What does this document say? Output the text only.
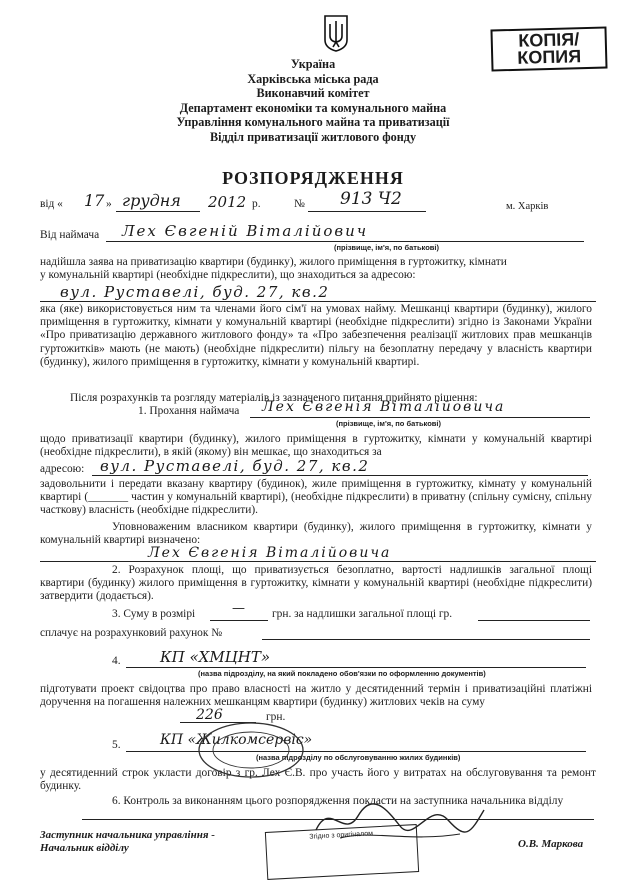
КОПІЯ/
КОПИЯ
Україна
Харківська міська рада
Виконавчий комітет
Департамент економіки та комунального майна
Управління комунального майна та приватизації
Відділ приватизації житлового фонду
РОЗПОРЯДЖЕННЯ
від « 17 » грудня 2012 р.	№ 913 Ч2	м. Харків
Від наймача Лех Євгеній Віталійович
(прізвище, ім'я, по батькові)
надійшла заява на приватизацію квартири (будинку), жилого приміщення в гуртожитку, кімнати
у комунальній квартирі (необхідне підкреслити), що знаходиться за адресою:
вул. Руставелі, буд. 27, кв.2
яка (яке) використовується ним та членами його сім'ї на умовах найму. Мешканці квартири (будинку), жилого приміщення в гуртожитку, кімнати у комунальній квартирі (необхідне підкреслити) згідно із Законами України «Про приватизацію державного житлового фонду» та «Про забезпечення реалізації житлових прав мешканців гуртожитків» мають (не мають) (необхідне підкреслити) пільгу на безоплатну передачу у власність квартири (будинку), жилого приміщення в гуртожитку, кімнати у комунальній квартирі.
Після розрахунків та розгляду матеріалів із зазначеного питання прийнято рішення:
1. Прохання наймача Лех Євгенія Віталійовича
(прізвище, ім'я, по батькові)
щодо приватизації квартири (будинку), жилого приміщення в гуртожитку, кімнати у комунальній квартирі (необхідне підкреслити), в якій (якому) він мешкає, що знаходиться за
адресою: вул. Руставелі, буд. 27, кв.2
задовольнити і передати вказану квартиру (будинок), жиле приміщення в гуртожитку, кімнату у комунальній квартирі (_______ частин у комунальній квартирі), (необхідне підкреслити) в приватну (спільну сумісну, спільну часткову) власність (необхідне підкреслити).
Уповноваженим власником квартири (будинку), жилого приміщення в гуртожитку, кімнати у комунальній квартирі визначено:
Лех Євгенія Віталійовича
2. Розрахунок площі, що приватизується безоплатно, вартості надлишків загальної площі квартири (будинку) жилого приміщення в гуртожитку, кімнати у комунальній квартирі (необхідне підкреслити) затвердити (додається).
3. Суму в розмірі	— грн. за надлишки загальної площі гр.
сплачує на розрахунковий рахунок №
4.	КП «ХМЦНТ»
(назва підрозділу, на який покладено обов'язки по оформленню документів)
підготувати проект свідоцтва про право власності на житло у десятиденний термін і приватизаційні платіжні доручення на погашення належних мешканцям квартири (будинку) житлових чеків на суму
226	грн.
5.	КП «Жилкомсервіс»
(назва підрозділу по обслуговуванню жилих будинків)
у десятиденний строк укласти договір з гр. Лех Є.В. про участь його у витратах на обслуговування та ремонт будинку.
6. Контроль за виконанням цього розпорядження покласти на заступника начальника відділу
Заступник начальника управління -
Начальник відділу	О.В. Маркова
Згідно з оригіналом
